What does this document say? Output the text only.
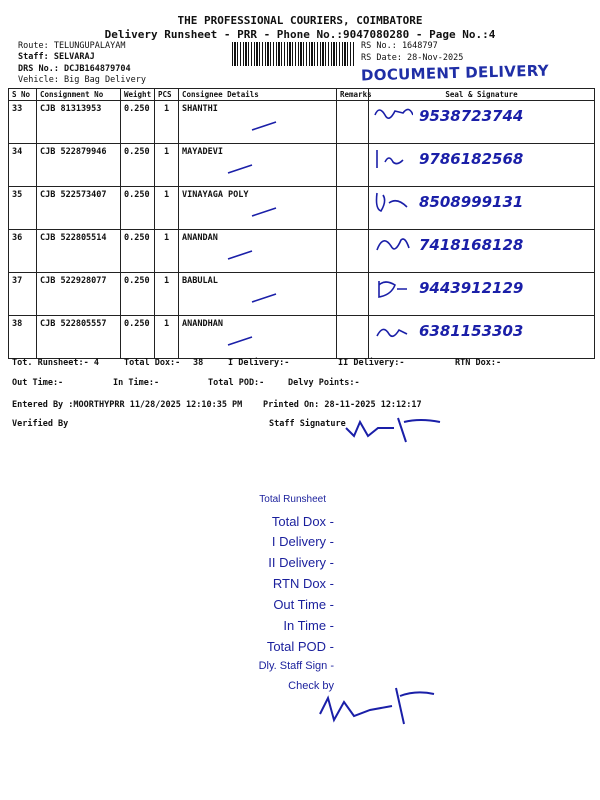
THE PROFESSIONAL COURIERS, COIMBATORE
Delivery Runsheet - PRR - Phone No.:9047080280 - Page No.:4
Route: TELUNGUPALAYAM
Staff: SELVARAJ
DRS No.: DCJB164879704
Vehicle: Big Bag Delivery
RS No.: 1648797
RS Date: 28-Nov-2025
DOCUMENT DELIVERY
S No	Consignment No	Weight	PCS	Consignee Details	Remarks	Seal & Signature
33	CJB 81313953	0.250	1	SHANTHI		9538723744
34	CJB 522879946	0.250	1	MAYADEVI		9786182568
35	CJB 522573407	0.250	1	VINAYAGA POLY		8508999131
36	CJB 522805514	0.250	1	ANANDAN		7418168128
37	CJB 522928077	0.250	1	BABULAL		9443912129
38	CJB 522805557	0.250	1	ANANDHAN		6381153303
Tot. Runsheet:- 4	Total Dox:- 38	I Delivery:-	II Delivery:-	RTN Dox:-
Out Time:-	In Time:-	Total POD:-	Delvy Points:-
Entered By :MOORTHYPRR 11/28/2025 12:10:35 PM Printed On: 28-11-2025 12:12:17
Verified By	Staff Signature
Total Runsheet
Total Dox -
I Delivery -
II Delivery -
RTN Dox -
Out Time -
In Time -
Total POD -
Dly. Staff Sign -
Check by
